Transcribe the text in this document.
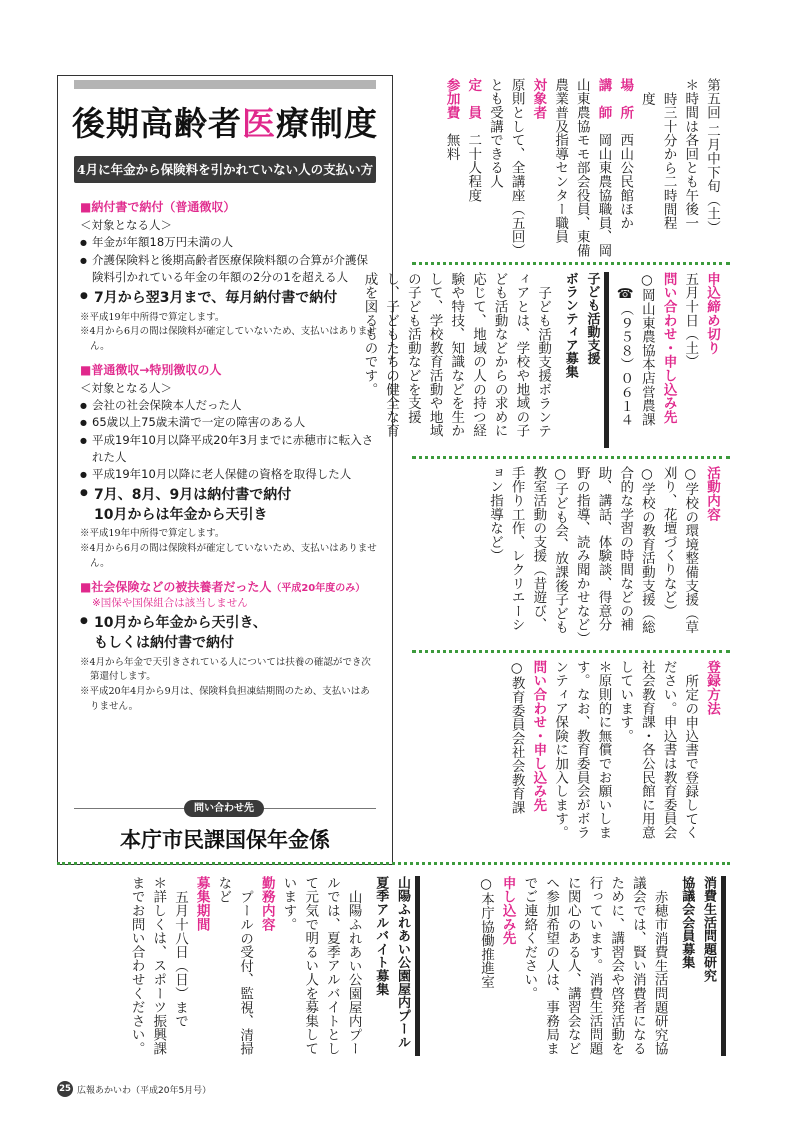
後期高齢者医療制度
4月に年金から保険料を引かれていない人の支払い方法
■納付書で納付（普通徴収）
＜対象となる人＞
● 年金が年額18万円未満の人
● 介護保険料と後期高齢者医療保険料額の合算が介護保険料引かれている年金の年額の2分の1を超える人
● 7月から翌3月まで、毎月納付書で納付
※平成19年中所得で算定します。
※4月から6月の間は保険料が確定していないため、支払いはありません。
■普通徴収→特別徴収の人
＜対象となる人＞
● 会社の社会保険本人だった人
● 65歳以上75歳未満で一定の障害のある人
● 平成19年10月以降平成20年3月までに赤穂市に転入された人
● 平成19年10月以降に老人保健の資格を取得した人
● 7月、8月、9月は納付書で納付
10月からは年金から天引き
※平成19年中所得で算定します。
※4月から6月の間は保険料が確定していないため、支払いはありません。
■社会保険などの被扶養者だった人（平成20年度のみ）
※国保や国保組合は該当しません
● 10月から年金から天引き、
もしくは納付書で納付
※4月から年金で天引きされている人については扶養の確認ができ次第還付します。
※平成20年4月から9月は、保険料負担凍結期間のため、支払いはありません。
問い合わせ先
本庁市民課国保年金係
第五回 二月中下旬（土）
＊時間は各回とも午後一
時三十分から二時間程
度
場　所　西山公民館ほか
講　師　岡山東農協職員、岡山東農協モモ部会役員、東備農業普及指導センター職員
対象者
原則として、全講座（五回）とも受講できる人
定　員　二十人程度
参加費　無料
申込締め切り
五月十日（土）
問い合わせ・申し込み先
○岡山東農協本店営農課
☎（９５８）０６１４
子ども活動支援
ボランティア募集
子ども活動支援ボランティアとは、学校や地域の子ども活動などからの求めに応じて、地域の人の持つ経験や特技、知識などを生かして、学校教育活動や地域の子ども活動などを支援し、子どもたちの健全な育成を図るものです。
活動内容
○学校の環境整備支援（草刈り、花壇づくりなど）
○学校の教育活動支援（総合的な学習の時間などの補助、講話、体験談、得意分野の指導、読み聞かせなど）
○子ども会、放課後子ども教室活動の支援（昔遊び、手作り工作、レクリエーション指導など）
登録方法
所定の申込書で登録してください。申込書は教育委員会社会教育課・各公民館に用意しています。
＊原則的に無償でお願いします。なお、教育委員会がボランティア保険に加入します。
問い合わせ・申し込み先
○教育委員会社会教育課
消費生活問題研究
協議会会員募集
赤穂市消費生活問題研究協議会では、賢い消費者になるために、講習会や啓発活動を行っています。消費生活問題に関心のある人、講習会などへ参加希望の人は、事務局までご連絡ください。
申し込み先
○本庁協働推進室
山陽ふれあい公園屋内プール
夏季アルバイト募集
山陽ふれあい公園屋内プールでは、夏季アルバイトとして元気で明るい人を募集しています。
勤務内容
プールの受付、監視、清掃など
募集期間
五月十八日（日）まで
＊詳しくは、スポーツ振興課までお問い合わせください。
25 広報あかいわ（平成20年5月号）
